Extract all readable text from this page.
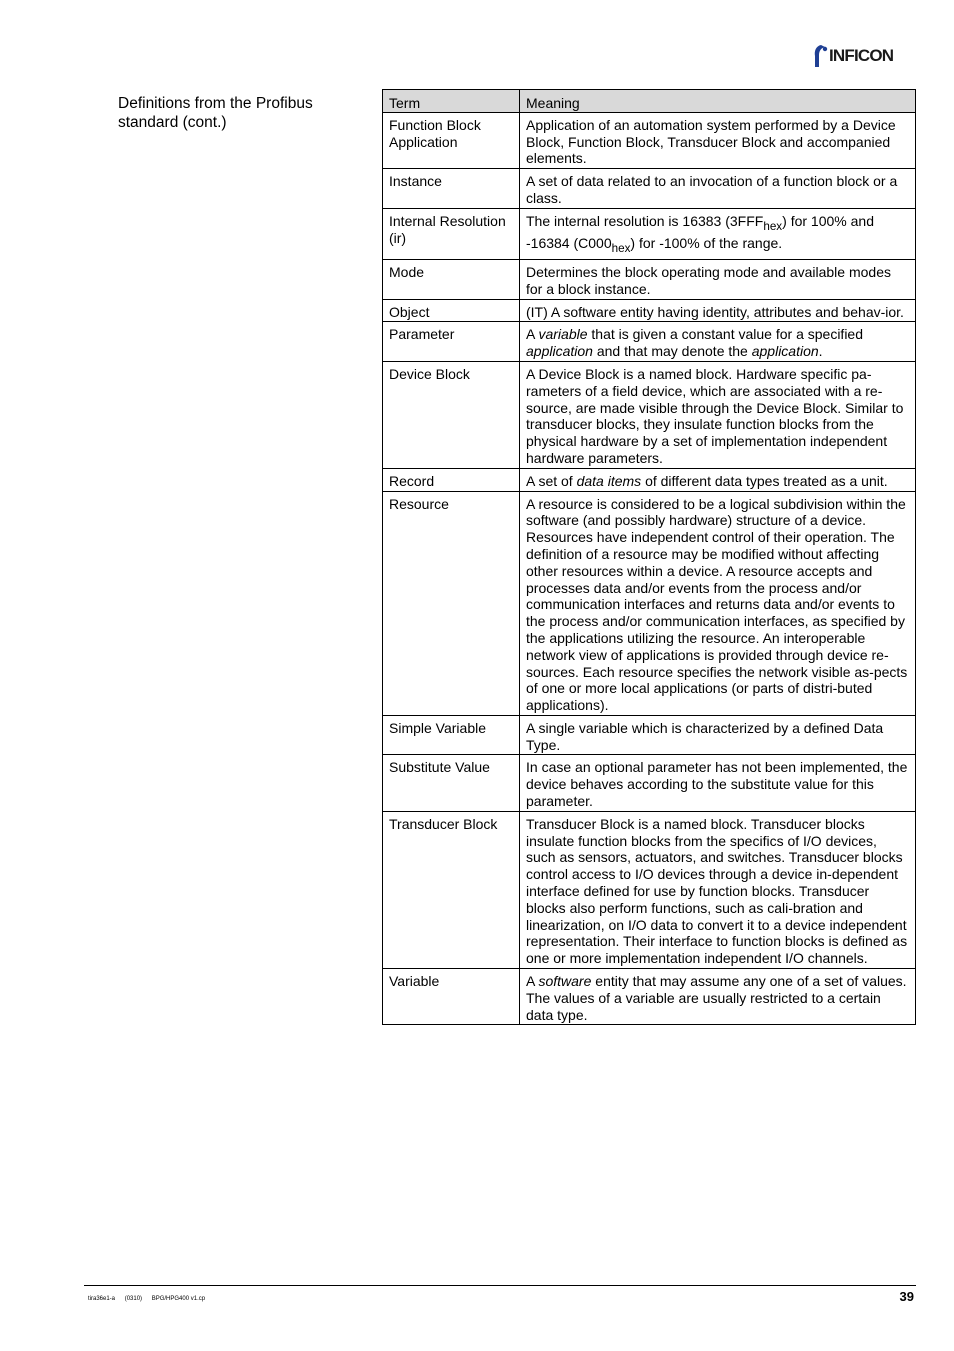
INFICON
Definitions from the Profibus standard (cont.)
Term	Meaning
Function Block Application	Application of an automation system performed by a Device Block, Function Block, Transducer Block and accompanied elements.
Instance	A set of data related to an invocation of a function block or a class.
Internal Resolution (ir)	The internal resolution is 16383 $(3FFF_{hex})$ for 100% and -16384 $(C000_{hex})$ for -100% of the range.
Mode	Determines the block operating mode and available modes for a block instance.
Object	(IT) A software entity having identity, attributes and behav-ior.
Parameter	A variable that is given a constant value for a specified application and that may denote the application.
Device Block	A Device Block is a named block. Hardware specific pa-rameters of a field device, which are associated with a re-source, are made visible through the Device Block. Similar to transducer blocks, they insulate function blocks from the physical hardware by a set of implementation independent hardware parameters.
Record	A set of data items of different data types treated as a unit.
Resource	A resource is considered to be a logical subdivision within the software (and possibly hardware) structure of a device. Resources have independent control of their operation. The definition of a resource may be modified without affecting other resources within a device. A resource accepts and processes data and/or events from the process and/or communication interfaces and returns data and/or events to the process and/or communication interfaces, as specified by the applications utilizing the resource. An interoperable network view of applications is provided through device re-sources. Each resource specifies the network visible as-pects of one or more local applications (or parts of distri-buted applications).
Simple Variable	A single variable which is characterized by a defined Data Type.
Substitute Value	In case an optional parameter has not been implemented, the device behaves according to the substitute value for this parameter.
Transducer Block	Transducer Block is a named block. Transducer blocks insulate function blocks from the specifics of I/O devices, such as sensors, actuators, and switches. Transducer blocks control access to I/O devices through a device in-dependent interface defined for use by function blocks. Transducer blocks also perform functions, such as cali-bration and linearization, on I/O data to convert it to a device independent representation. Their interface to function blocks is defined as one or more implementation independent I/O channels.
Variable	A software entity that may assume any one of a set of values. The values of a variable are usually restricted to a certain data type.
tira36e1-a (0310) BPG/HPG400 v1.cp	39
